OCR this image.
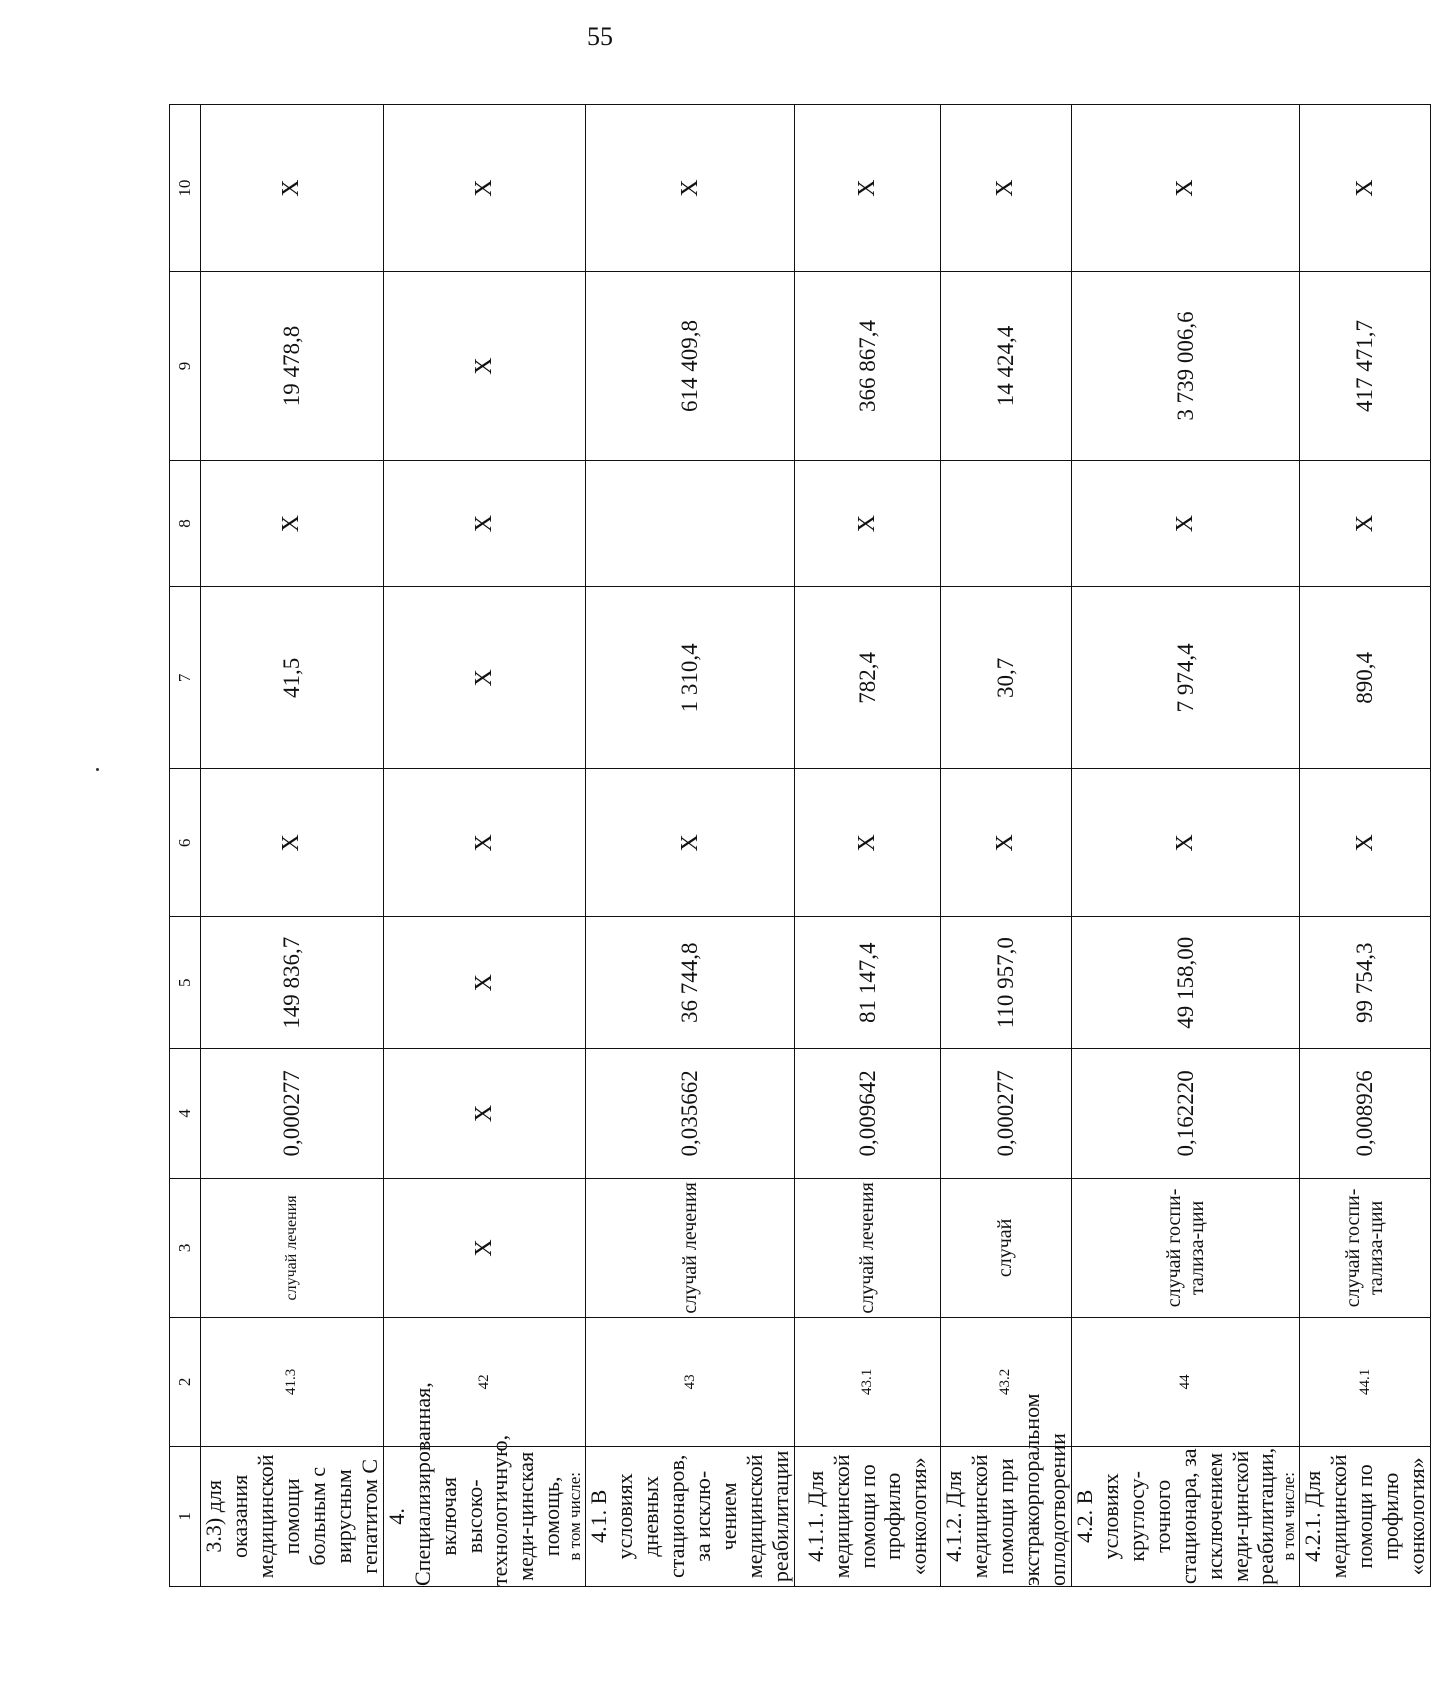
55
1	2	3	4	5	6	7	8	9	10
3.3) для оказания медицинской помощи больным с вирусным гепатитом С	41.3	случай лечения	0,000277	149 836,7	X	41,5	X	19 478,8	X
4. Специализированная, включая высоко-технологичную, меди-цинская помощь, в том числе:	42	X	X	X	X	X	X	X	X
4.1. В условиях дневных стационаров, за исклю-чением медицинской реабилитации	43	случай лечения	0,035662	36 744,8	X	1 310,4		614 409,8	X
4.1.1. Для медицинской помощи по профилю «онкология»	43.1	случай лечения	0,009642	81 147,4	X	782,4	X	366 867,4	X
4.1.2. Для медицинской помощи при экстракорпоральном оплодотворении	43.2	случай	0,000277	110 957,0	X	30,7		14 424,4	X
4.2. В условиях круглосу-точного стационара, за исключением меди-цинской реабилитации, в том числе:	44	случай госпи-тализа-ции	0,162220	49 158,00	X	7 974,4	X	3 739 006,6	X
4.2.1. Для медицинской помощи по профилю «онкология»	44.1	случай госпи-тализа-ции	0,008926	99 754,3	X	890,4	X	417 471,7	X
